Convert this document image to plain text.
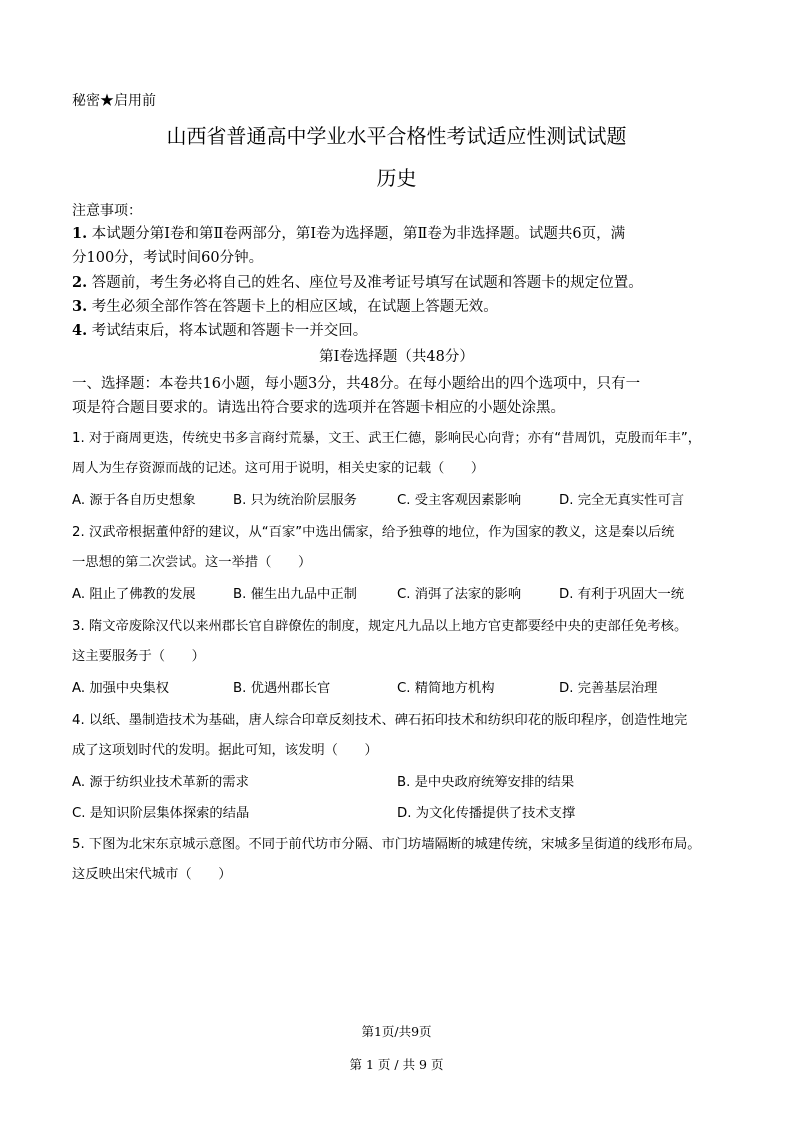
秘密★启用前
山西省普通高中学业水平合格性考试适应性测试试题
历史
注意事项：
1. 本试题分第Ⅰ卷和第Ⅱ卷两部分，第Ⅰ卷为选择题，第Ⅱ卷为非选择题。试题共6页，满
分100分，考试时间60分钟。
2. 答题前，考生务必将自己的姓名、座位号及准考证号填写在试题和答题卡的规定位置。
3. 考生必须全部作答在答题卡上的相应区域，在试题上答题无效。
4. 考试结束后，将本试题和答题卡一并交回。
第Ⅰ卷选择题（共48分）
一、选择题：本卷共16小题，每小题3分，共48分。在每小题给出的四个选项中，只有一
项是符合题目要求的。请选出符合要求的选项并在答题卡相应的小题处涂黑。
1. 对于商周更迭，传统史书多言商纣荒暴，文王、武王仁德，影响民心向背；亦有“昔周饥，克殷而年丰”，
周人为生存资源而战的记述。这可用于说明，相关史家的记载（　　）
A. 源于各自历史想象	B. 只为统治阶层服务	C. 受主客观因素影响	D. 完全无真实性可言
2. 汉武帝根据董仲舒的建议，从“百家”中选出儒家，给予独尊的地位，作为国家的教义，这是秦以后统
一思想的第二次尝试。这一举措（　　）
A. 阻止了佛教的发展	B. 催生出九品中正制	C. 消弭了法家的影响	D. 有利于巩固大一统
3. 隋文帝废除汉代以来州郡长官自辟僚佐的制度，规定凡九品以上地方官吏都要经中央的吏部任免考核。
这主要服务于（　　）
A. 加强中央集权	B. 优遇州郡长官	C. 精简地方机构	D. 完善基层治理
4. 以纸、墨制造技术为基础，唐人综合印章反刻技术、碑石拓印技术和纺织印花的版印程序，创造性地完
成了这项划时代的发明。据此可知，该发明（　　）
A. 源于纺织业技术革新的需求	B. 是中央政府统筹安排的结果
C. 是知识阶层集体探索的结晶	D. 为文化传播提供了技术支撑
5. 下图为北宋东京城示意图。不同于前代坊市分隔、市门坊墙隔断的城建传统，宋城多呈街道的线形布局。
这反映出宋代城市（　　）
第1页/共9页
第 1 页 / 共 9 页
